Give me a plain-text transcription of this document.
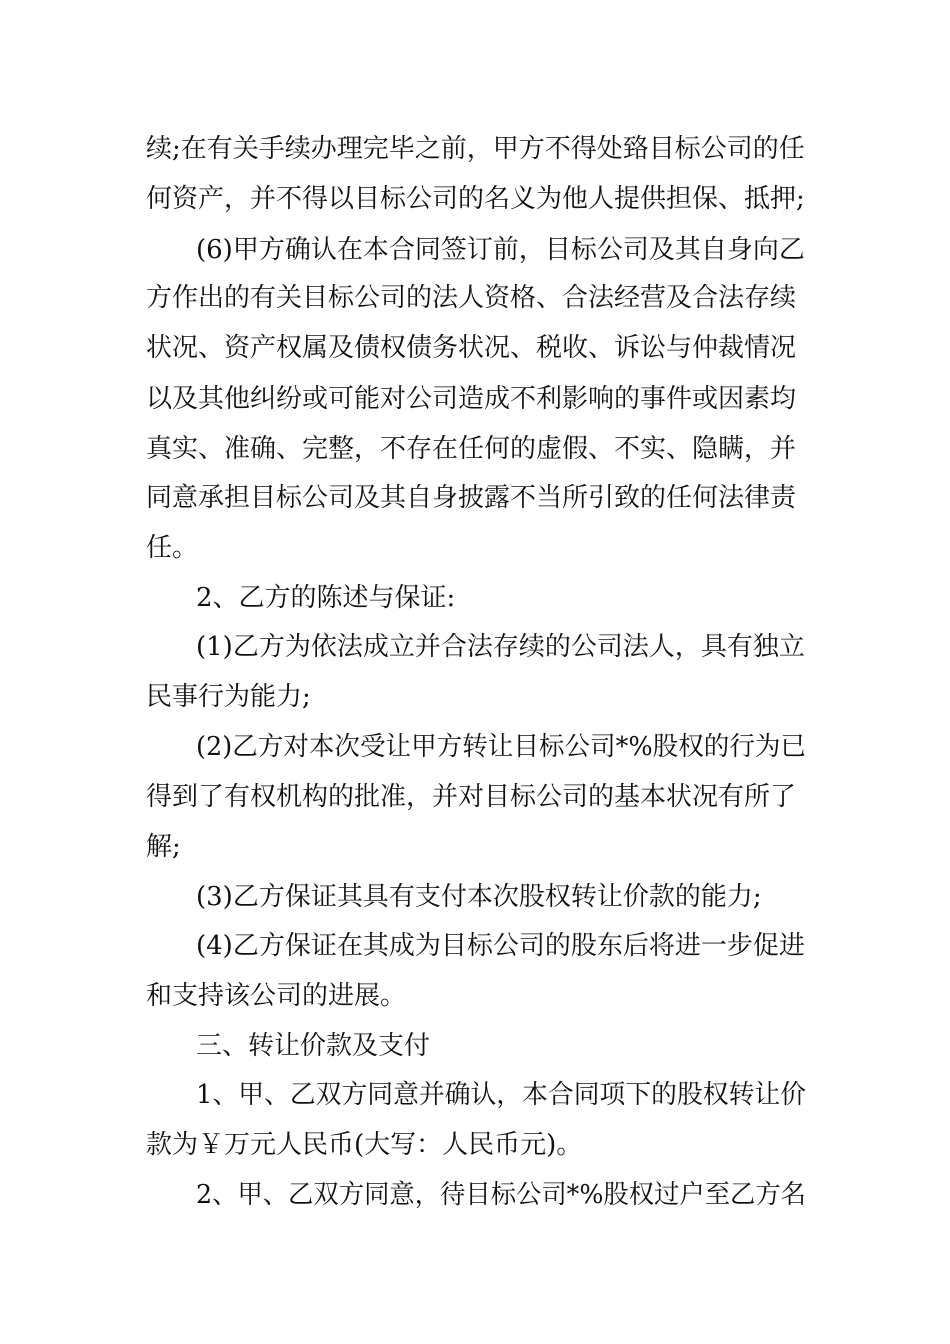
续;在有关手续办理完毕之前，甲方不得处臵目标公司的任
何资产，并不得以目标公司的名义为他人提供担保、抵押;
(6)甲方确认在本合同签订前，目标公司及其自身向乙
方作出的有关目标公司的法人资格、合法经营及合法存续
状况、资产权属及债权债务状况、税收、诉讼与仲裁情况
以及其他纠纷或可能对公司造成不利影响的事件或因素均
真实、准确、完整，不存在任何的虚假、不实、隐瞒，并
同意承担目标公司及其自身披露不当所引致的任何法律责
任。
2、乙方的陈述与保证:
(1)乙方为依法成立并合法存续的公司法人，具有独立
民事行为能力;
(2)乙方对本次受让甲方转让目标公司*%股权的行为已
得到了有权机构的批准，并对目标公司的基本状况有所了
解;
(3)乙方保证其具有支付本次股权转让价款的能力;
(4)乙方保证在其成为目标公司的股东后将进一步促进
和支持该公司的进展。
三、转让价款及支付
1、甲、乙双方同意并确认，本合同项下的股权转让价
款为￥万元人民币(大写：人民币元)。
2、甲、乙双方同意，待目标公司*%股权过户至乙方名
